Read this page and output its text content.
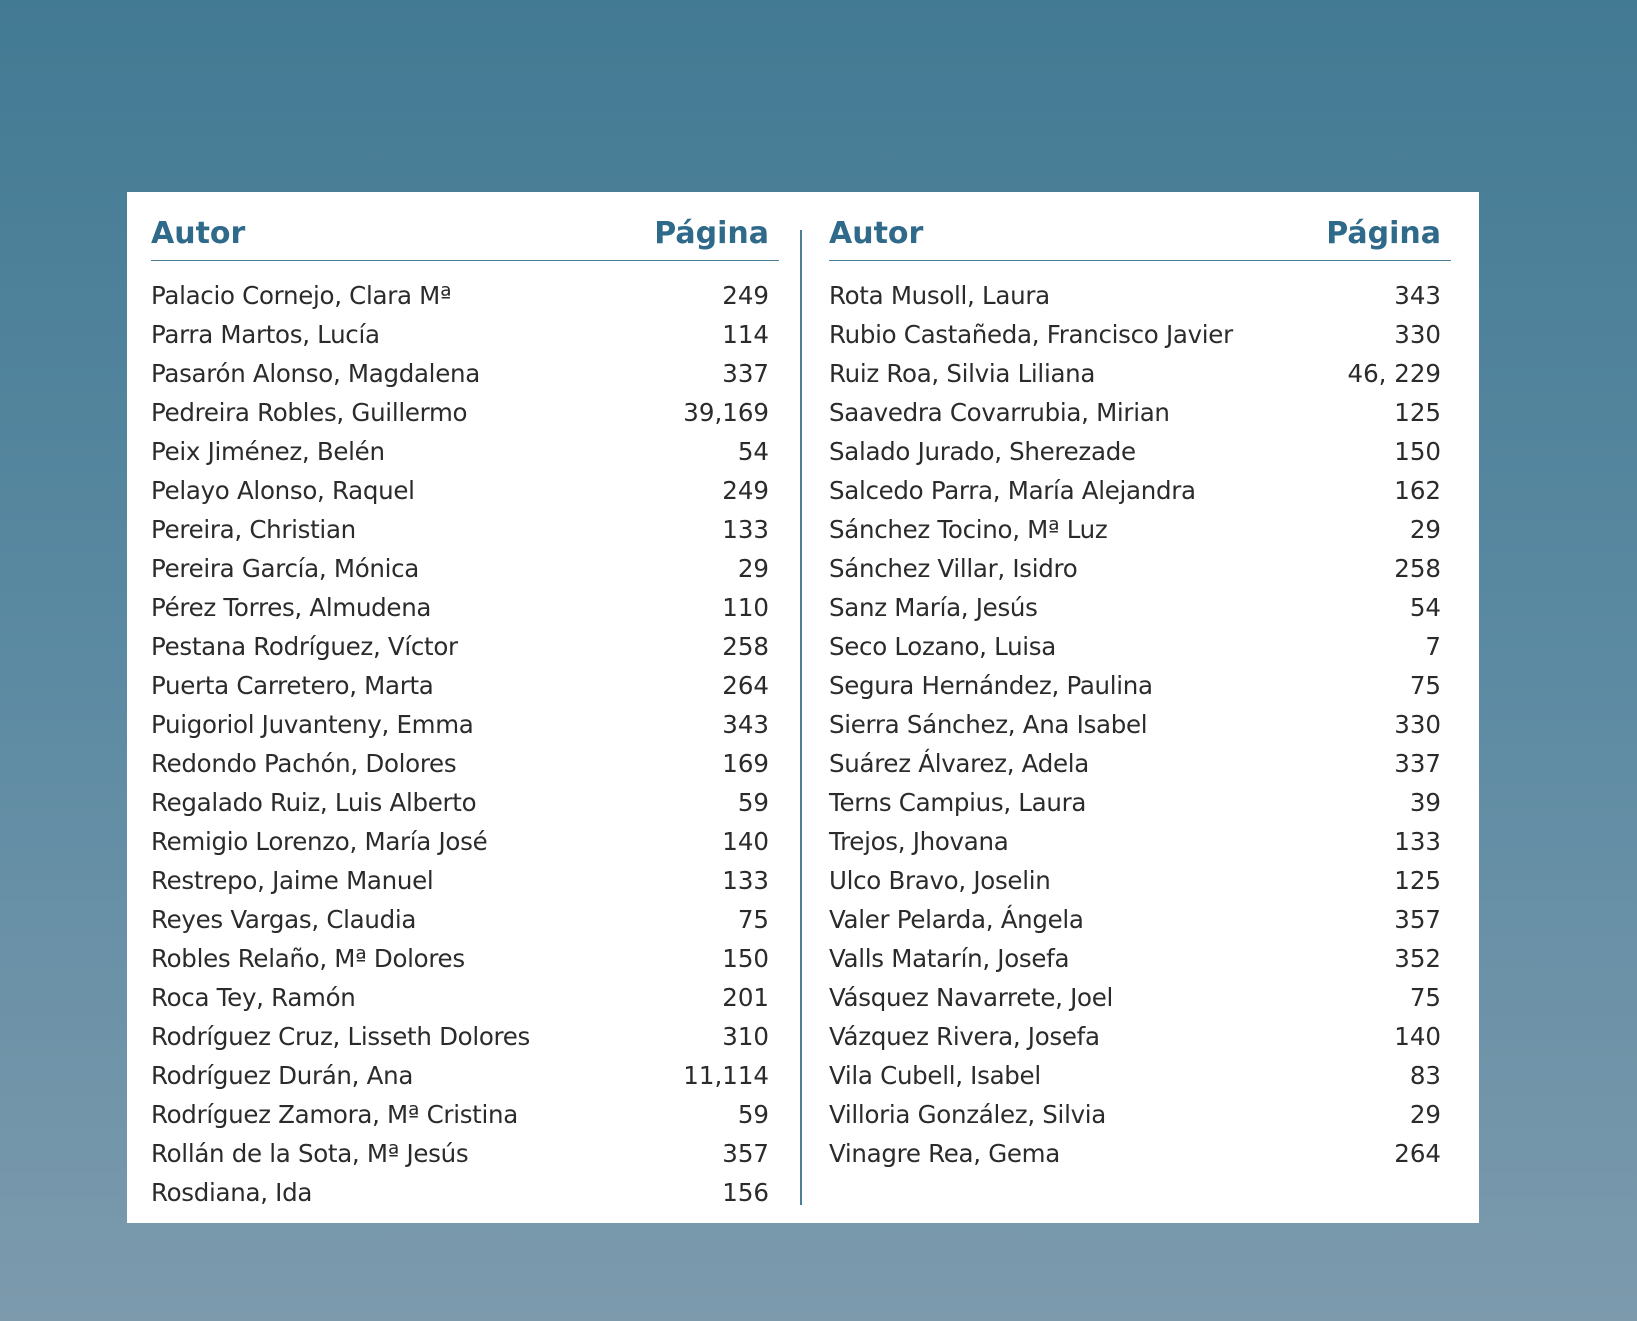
Autor	Página
Palacio Cornejo, Clara Mª	249
Parra Martos, Lucía	114
Pasarón Alonso, Magdalena	337
Pedreira Robles, Guillermo	39,169
Peix Jiménez, Belén	54
Pelayo Alonso, Raquel	249
Pereira, Christian	133
Pereira García, Mónica	29
Pérez Torres, Almudena	110
Pestana Rodríguez, Víctor	258
Puerta Carretero, Marta	264
Puigoriol Juvanteny, Emma	343
Redondo Pachón, Dolores	169
Regalado Ruiz, Luis Alberto	59
Remigio Lorenzo, María José	140
Restrepo, Jaime Manuel	133
Reyes Vargas, Claudia	75
Robles Relaño, Mª Dolores	150
Roca Tey, Ramón	201
Rodríguez Cruz, Lisseth Dolores	310
Rodríguez Durán, Ana	11,114
Rodríguez Zamora, Mª Cristina	59
Rollán de la Sota, Mª Jesús	357
Rosdiana, Ida	156
Autor	Página
Rota Musoll, Laura	343
Rubio Castañeda, Francisco Javier	330
Ruiz Roa, Silvia Liliana	46, 229
Saavedra Covarrubia, Mirian	125
Salado Jurado, Sherezade	150
Salcedo Parra, María Alejandra	162
Sánchez Tocino, Mª Luz	29
Sánchez Villar, Isidro	258
Sanz María, Jesús	54
Seco Lozano, Luisa	7
Segura Hernández, Paulina	75
Sierra Sánchez, Ana Isabel	330
Suárez Álvarez, Adela	337
Terns Campius, Laura	39
Trejos, Jhovana	133
Ulco Bravo, Joselin	125
Valer Pelarda, Ángela	357
Valls Matarín, Josefa	352
Vásquez Navarrete, Joel	75
Vázquez Rivera, Josefa	140
Vila Cubell, Isabel	83
Villoria González, Silvia	29
Vinagre Rea, Gema	264
